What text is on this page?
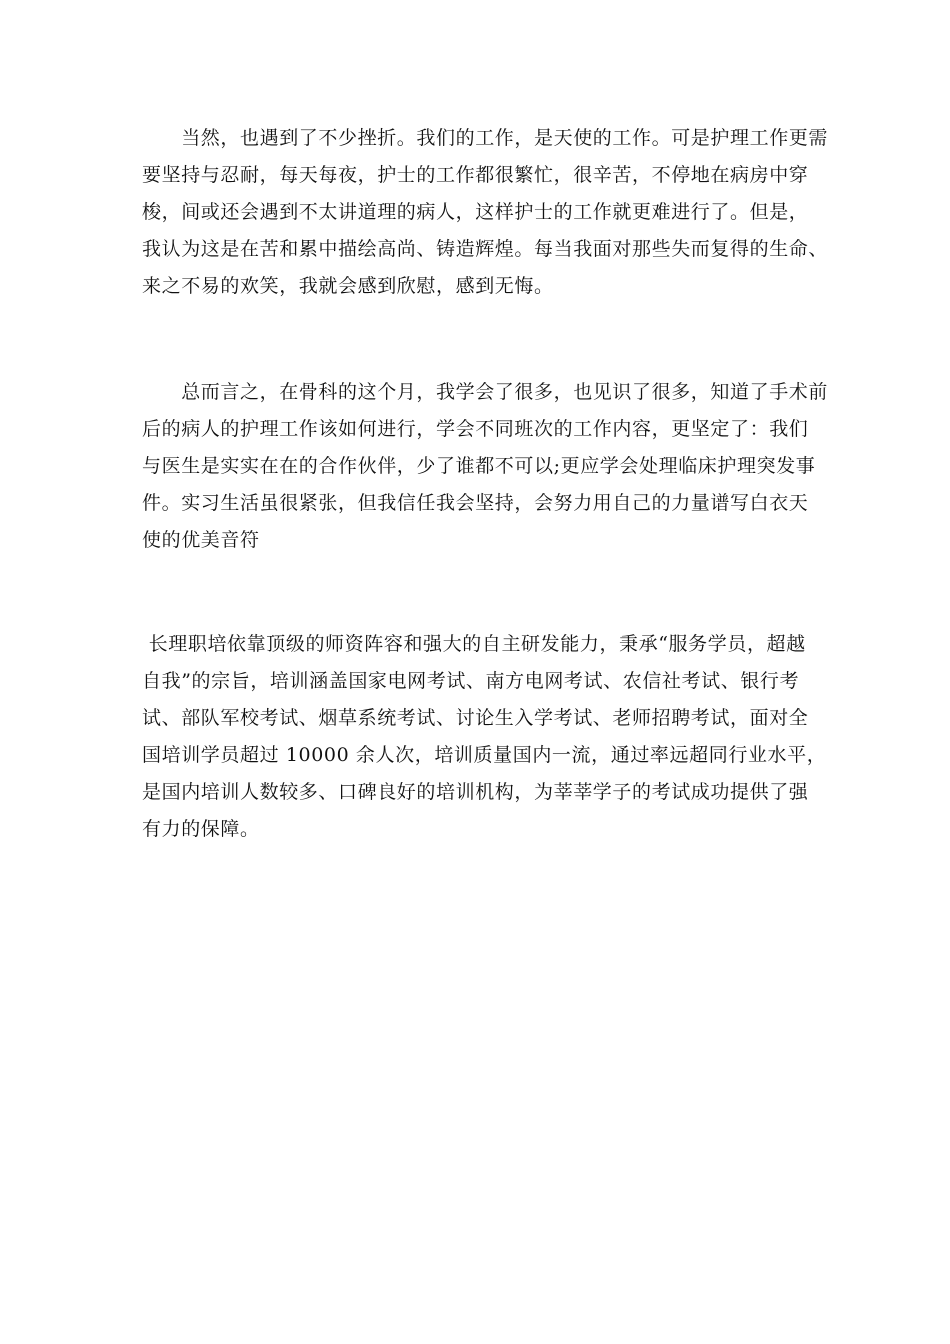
　　当然，也遇到了不少挫折。我们的工作，是天使的工作。可是护理工作更需
要坚持与忍耐，每天每夜，护士的工作都很繁忙，很辛苦，不停地在病房中穿
梭，间或还会遇到不太讲道理的病人，这样护士的工作就更难进行了。但是，
我认为这是在苦和累中描绘高尚、铸造辉煌。每当我面对那些失而复得的生命、
来之不易的欢笑，我就会感到欣慰，感到无悔。

　　总而言之，在骨科的这个月，我学会了很多，也见识了很多，知道了手术前
后的病人的护理工作该如何进行，学会不同班次的工作内容，更坚定了：我们
与医生是实实在在的合作伙伴，少了谁都不可以;更应学会处理临床护理突发事
件。实习生活虽很紧张，但我信任我会坚持，会努力用自己的力量谱写白衣天
使的优美音符

长理职培依靠顶级的师资阵容和强大的自主研发能力，秉承“服务学员，超越
自我”的宗旨，培训涵盖国家电网考试、南方电网考试、农信社考试、银行考
试、部队军校考试、烟草系统考试、讨论生入学考试、老师招聘考试，面对全
国培训学员超过 10000 余人次，培训质量国内一流，通过率远超同行业水平，
是国内培训人数较多、口碑良好的培训机构，为莘莘学子的考试成功提供了强
有力的保障。
